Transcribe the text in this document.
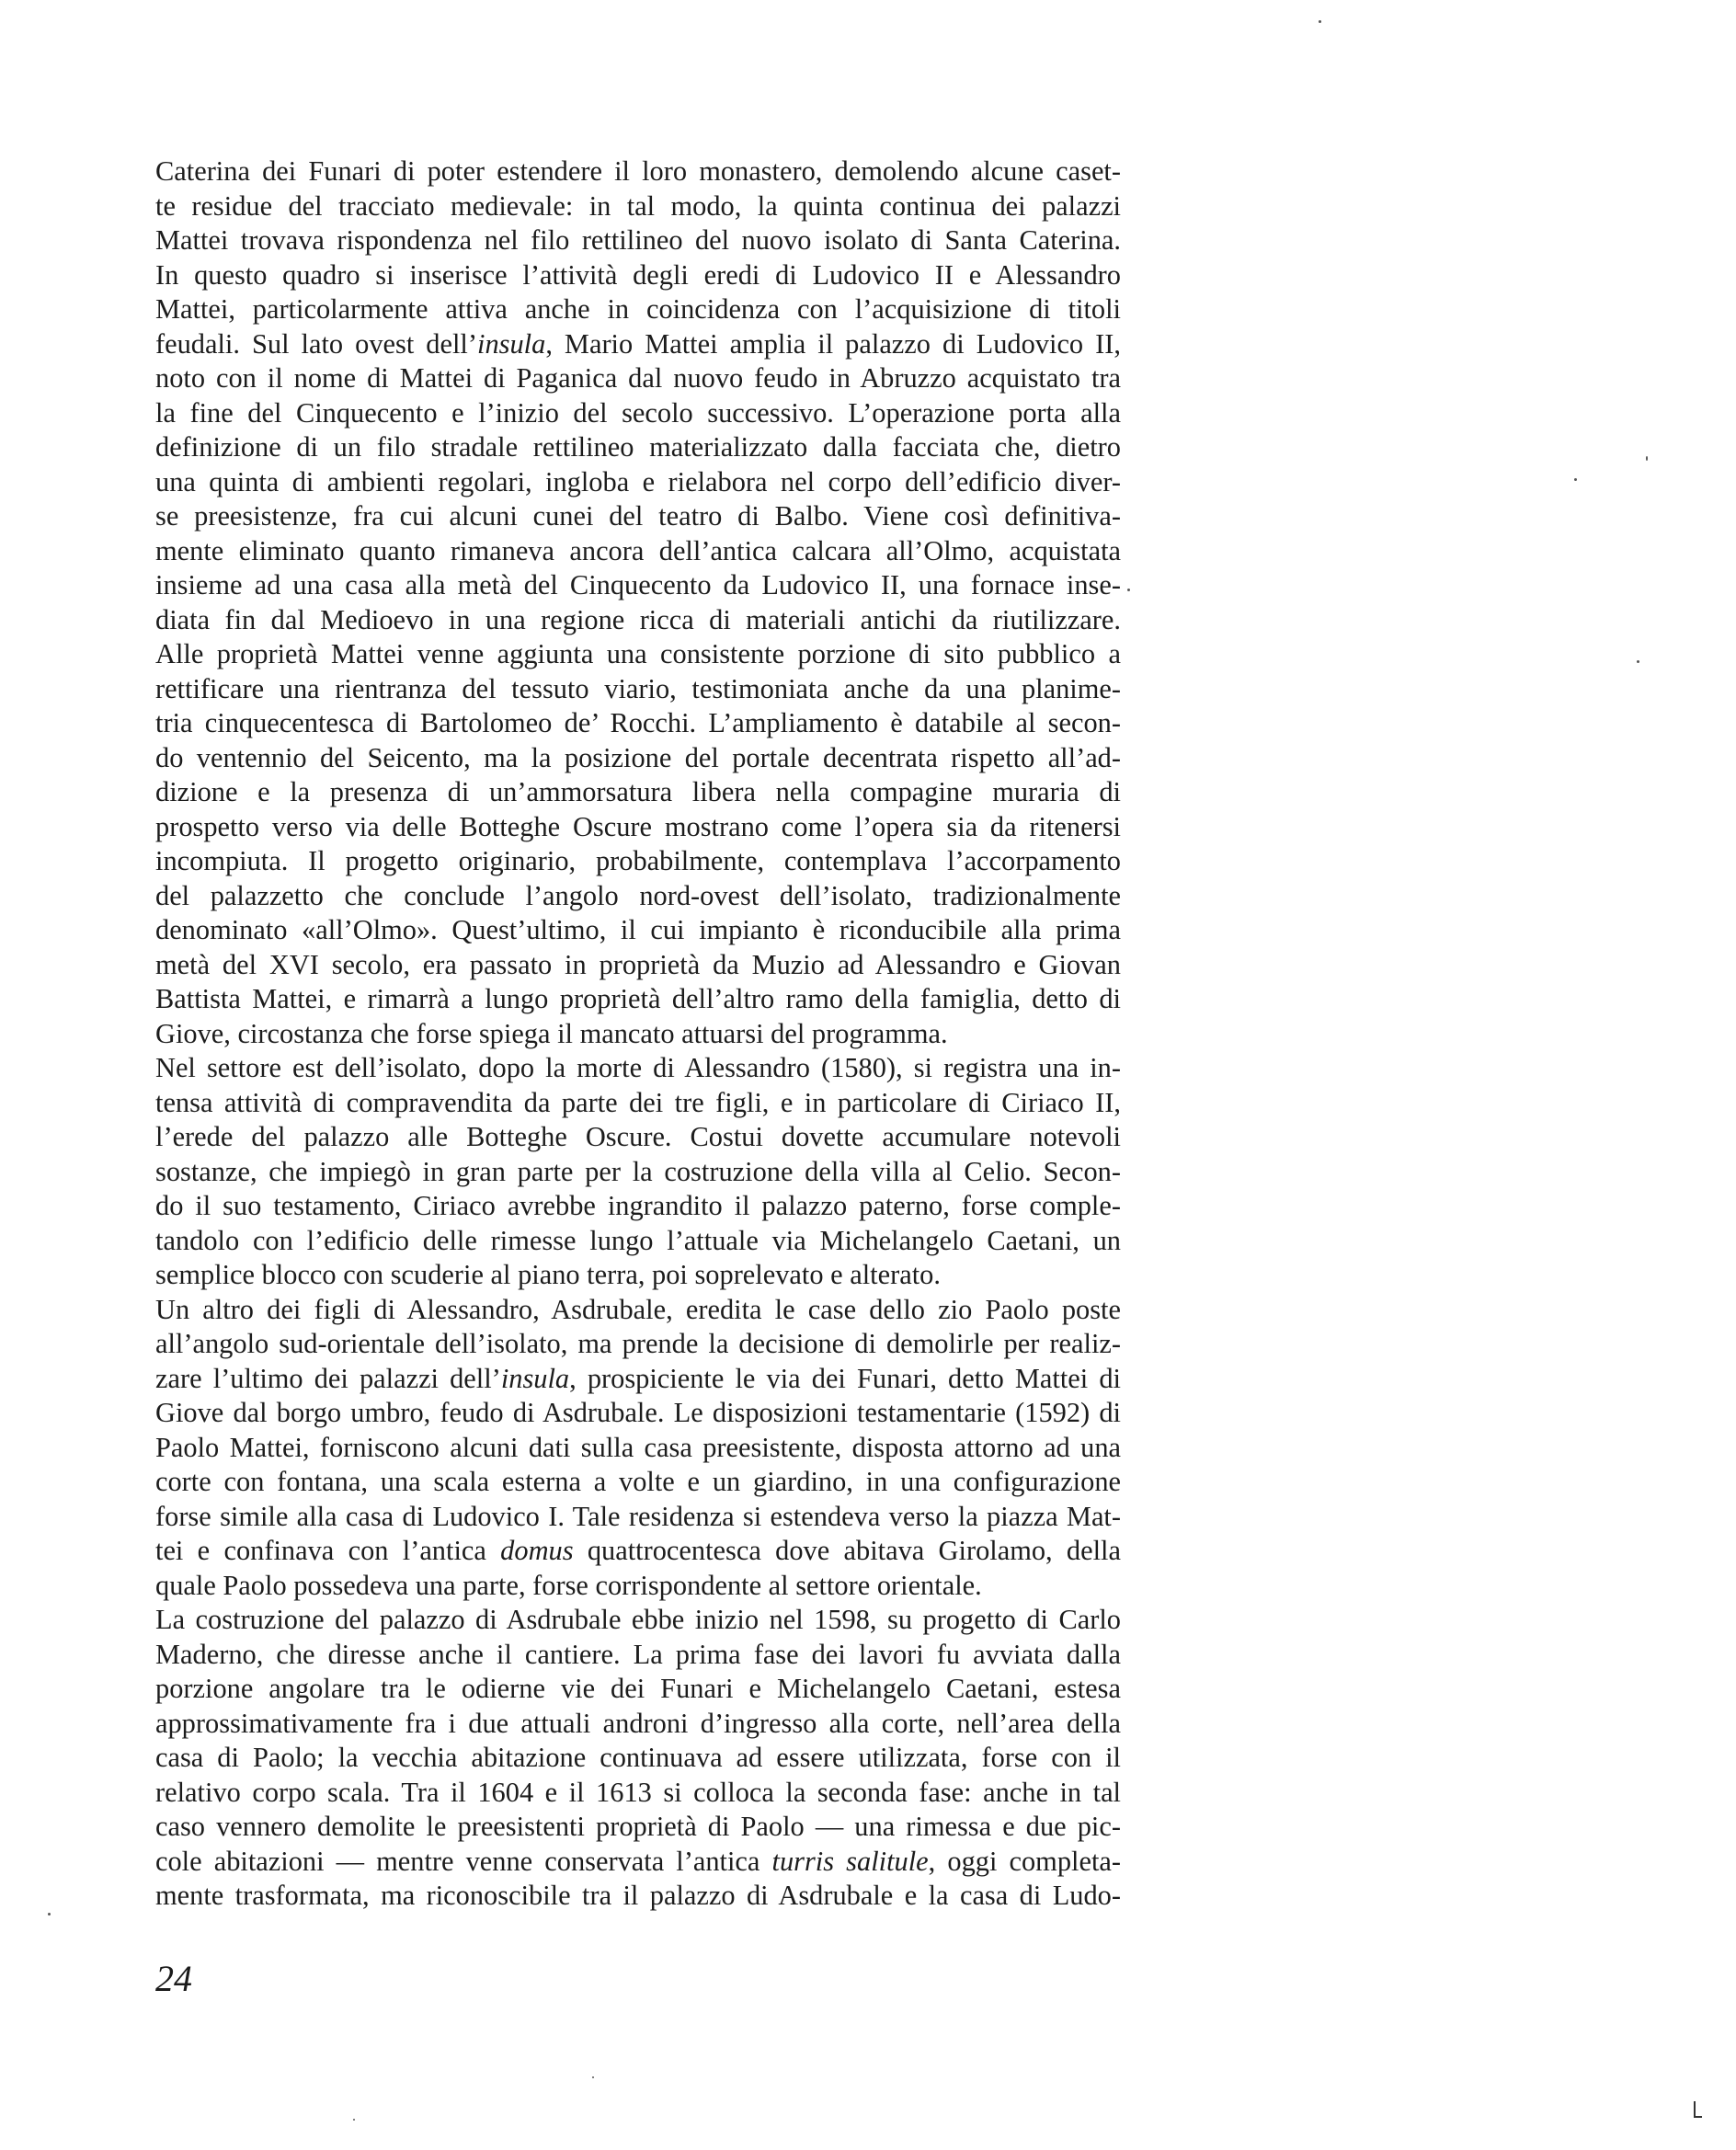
Caterina dei Funari di poter estendere il loro monastero, demolendo alcune caset-
te residue del tracciato medievale: in tal modo, la quinta continua dei palazzi
Mattei trovava rispondenza nel filo rettilineo del nuovo isolato di Santa Caterina.
In questo quadro si inserisce l’attività degli eredi di Ludovico II e Alessandro
Mattei, particolarmente attiva anche in coincidenza con l’acquisizione di titoli
feudali. Sul lato ovest dell’insula, Mario Mattei amplia il palazzo di Ludovico II,
noto con il nome di Mattei di Paganica dal nuovo feudo in Abruzzo acquistato tra
la fine del Cinquecento e l’inizio del secolo successivo. L’operazione porta alla
definizione di un filo stradale rettilineo materializzato dalla facciata che, dietro
una quinta di ambienti regolari, ingloba e rielabora nel corpo dell’edificio diver-
se preesistenze, fra cui alcuni cunei del teatro di Balbo. Viene così definitiva-
mente eliminato quanto rimaneva ancora dell’antica calcara all’Olmo, acquistata
insieme ad una casa alla metà del Cinquecento da Ludovico II, una fornace inse-
diata fin dal Medioevo in una regione ricca di materiali antichi da riutilizzare.
Alle proprietà Mattei venne aggiunta una consistente porzione di sito pubblico a
rettificare una rientranza del tessuto viario, testimoniata anche da una planime-
tria cinquecentesca di Bartolomeo de’ Rocchi. L’ampliamento è databile al secon-
do ventennio del Seicento, ma la posizione del portale decentrata rispetto all’ad-
dizione e la presenza di un’ammorsatura libera nella compagine muraria di
prospetto verso via delle Botteghe Oscure mostrano come l’opera sia da ritenersi
incompiuta. Il progetto originario, probabilmente, contemplava l’accorpamento
del palazzetto che conclude l’angolo nord-ovest dell’isolato, tradizionalmente
denominato «all’Olmo». Quest’ultimo, il cui impianto è riconducibile alla prima
metà del XVI secolo, era passato in proprietà da Muzio ad Alessandro e Giovan
Battista Mattei, e rimarrà a lungo proprietà dell’altro ramo della famiglia, detto di
Giove, circostanza che forse spiega il mancato attuarsi del programma.
Nel settore est dell’isolato, dopo la morte di Alessandro (1580), si registra una in-
tensa attività di compravendita da parte dei tre figli, e in particolare di Ciriaco II,
l’erede del palazzo alle Botteghe Oscure. Costui dovette accumulare notevoli
sostanze, che impiegò in gran parte per la costruzione della villa al Celio. Secon-
do il suo testamento, Ciriaco avrebbe ingrandito il palazzo paterno, forse comple-
tandolo con l’edificio delle rimesse lungo l’attuale via Michelangelo Caetani, un
semplice blocco con scuderie al piano terra, poi soprelevato e alterato.
Un altro dei figli di Alessandro, Asdrubale, eredita le case dello zio Paolo poste
all’angolo sud-orientale dell’isolato, ma prende la decisione di demolirle per realiz-
zare l’ultimo dei palazzi dell’insula, prospiciente le via dei Funari, detto Mattei di
Giove dal borgo umbro, feudo di Asdrubale. Le disposizioni testamentarie (1592) di
Paolo Mattei, forniscono alcuni dati sulla casa preesistente, disposta attorno ad una
corte con fontana, una scala esterna a volte e un giardino, in una configurazione
forse simile alla casa di Ludovico I. Tale residenza si estendeva verso la piazza Mat-
tei e confinava con l’antica domus quattrocentesca dove abitava Girolamo, della
quale Paolo possedeva una parte, forse corrispondente al settore orientale.
La costruzione del palazzo di Asdrubale ebbe inizio nel 1598, su progetto di Carlo
Maderno, che diresse anche il cantiere. La prima fase dei lavori fu avviata dalla
porzione angolare tra le odierne vie dei Funari e Michelangelo Caetani, estesa
approssimativamente fra i due attuali androni d’ingresso alla corte, nell’area della
casa di Paolo; la vecchia abitazione continuava ad essere utilizzata, forse con il
relativo corpo scala. Tra il 1604 e il 1613 si colloca la seconda fase: anche in tal
caso vennero demolite le preesistenti proprietà di Paolo — una rimessa e due pic-
cole abitazioni — mentre venne conservata l’antica turris salitule, oggi completa-
mente trasformata, ma riconoscibile tra il palazzo di Asdrubale e la casa di Ludo-
24
